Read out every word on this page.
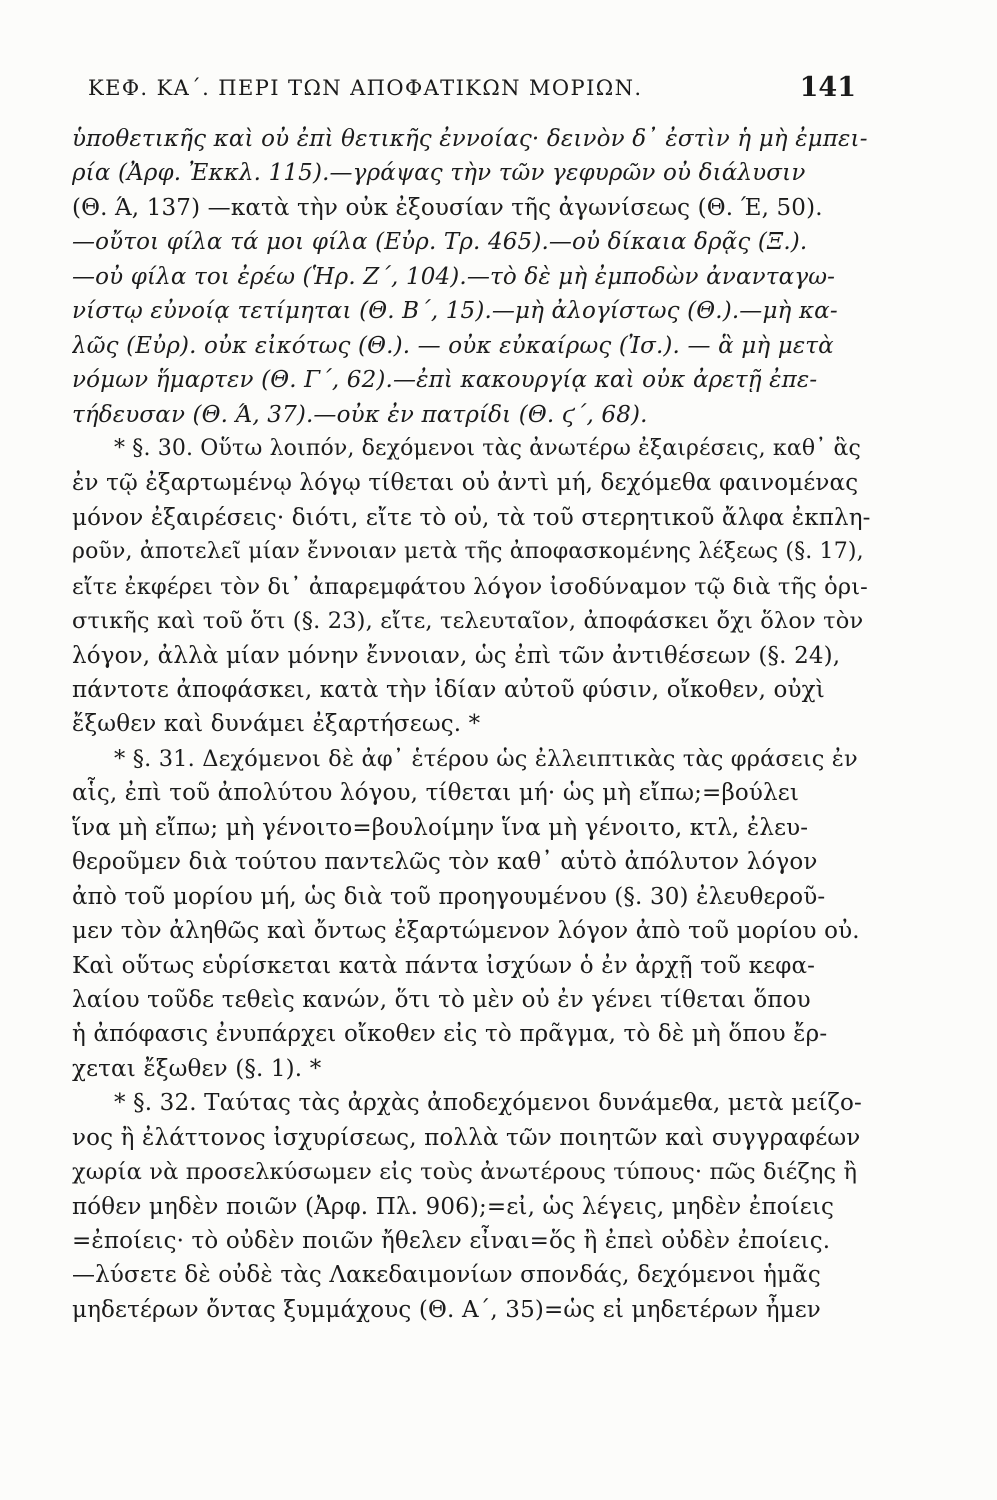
ΚΕΦ. ΚΑ΄. ΠΕΡΙ ΤΩΝ ΑΠΟΦΑΤΙΚΩΝ ΜΟΡΙΩΝ.	141
ὑποθετικῆς καὶ οὐ ἐπὶ θετικῆς ἐννοίας· δεινὸν δ᾽ ἐστὶν ἡ μὴ ἐμπει-
ρία (Ἀρφ. Ἐκκλ. 115).—γράψας τὴν τῶν γεφυρῶν οὐ διάλυσιν
(Θ. Ά, 137) —κατὰ τὴν οὐκ ἐξουσίαν τῆς ἀγωνίσεως (Θ. Έ, 50).
—οὔτοι φίλα τά μοι φίλα (Εὐρ. Τρ. 465).—οὐ δίκαια δρᾷς (Ξ.).
—οὐ φίλα τοι ἐρέω (Ἡρ. Ζ΄, 104).—τὸ δὲ μὴ ἐμποδὼν ἀνανταγω-
νίστῳ εὐνοίᾳ τετίμηται (Θ. Β΄, 15).—μὴ ἀλογίστως (Θ.).—μὴ κα-
λῶς (Εὐρ). οὐκ εἰκότως (Θ.). — οὐκ εὐκαίρως (Ἰσ.). — ἃ μὴ μετὰ
νόμων ἥμαρτεν (Θ. Γ΄, 62).—ἐπὶ κακουργίᾳ καὶ οὐκ ἀρετῇ ἐπε-
τήδευσαν (Θ. Ά, 37).—οὐκ ἐν πατρίδι (Θ. ϛ΄, 68).
* §. 30. Οὕτω λοιπόν, δεχόμενοι τὰς ἀνωτέρω ἐξαιρέσεις, καθ᾽ ἃς
ἐν τῷ ἐξαρτωμένῳ λόγῳ τίθεται οὐ ἀντὶ μή, δεχόμεθα φαινομένας
μόνον ἐξαιρέσεις· διότι, εἴτε τὸ οὐ, τὰ τοῦ στερητικοῦ ἄλφα ἐκπλη-
ροῦν, ἀποτελεῖ μίαν ἔννοιαν μετὰ τῆς ἀποφασκομένης λέξεως (§. 17),
εἴτε ἐκφέρει τὸν δι᾽ ἀπαρεμφάτου λόγον ἰσοδύναμον τῷ διὰ τῆς ὁρι-
στικῆς καὶ τοῦ ὅτι (§. 23), εἴτε, τελευταῖον, ἀποφάσκει ὄχι ὅλον τὸν
λόγον, ἀλλὰ μίαν μόνην ἔννοιαν, ὡς ἐπὶ τῶν ἀντιθέσεων (§. 24),
πάντοτε ἀποφάσκει, κατὰ τὴν ἰδίαν αὐτοῦ φύσιν, οἴκοθεν, οὐχὶ
ἔξωθεν καὶ δυνάμει ἐξαρτήσεως. *
* §. 31. Δεχόμενοι δὲ ἀφ᾽ ἑτέρου ὡς ἐλλειπτικὰς τὰς φράσεις ἐν
αἷς, ἐπὶ τοῦ ἀπολύτου λόγου, τίθεται μή· ὡς μὴ εἴπω;=βούλει
ἵνα μὴ εἴπω; μὴ γένοιτο=βουλοίμην ἵνα μὴ γένοιτο, κτλ, ἐλευ-
θεροῦμεν διὰ τούτου παντελῶς τὸν καθ᾽ αὑτὸ ἀπόλυτον λόγον
ἀπὸ τοῦ μορίου μή, ὡς διὰ τοῦ προηγουμένου (§. 30) ἐλευθεροῦ-
μεν τὸν ἀληθῶς καὶ ὄντως ἐξαρτώμενον λόγον ἀπὸ τοῦ μορίου οὐ.
Καὶ οὕτως εὑρίσκεται κατὰ πάντα ἰσχύων ὁ ἐν ἀρχῇ τοῦ κεφα-
λαίου τοῦδε τεθεὶς κανών, ὅτι τὸ μὲν οὐ ἐν γένει τίθεται ὅπου
ἡ ἀπόφασις ἐνυπάρχει οἴκοθεν εἰς τὸ πρᾶγμα, τὸ δὲ μὴ ὅπου ἔρ-
χεται ἔξωθεν (§. 1). *
* §. 32. Ταύτας τὰς ἀρχὰς ἀποδεχόμενοι δυνάμεθα, μετὰ μείζο-
νος ἢ ἐλάττονος ἰσχυρίσεως, πολλὰ τῶν ποιητῶν καὶ συγγραφέων
χωρία νὰ προσελκύσωμεν εἰς τοὺς ἀνωτέρους τύπους· πῶς διέζης ἢ
πόθεν μηδὲν ποιῶν (Ἀρφ. Πλ. 906);=εἰ, ὡς λέγεις, μηδὲν ἐποίεις
=ἐποίεις· τὸ οὐδὲν ποιῶν ἤθελεν εἶναι=ὅς ἢ ἐπεὶ οὐδὲν ἐποίεις.
—λύσετε δὲ οὐδὲ τὰς Λακεδαιμονίων σπονδάς, δεχόμενοι ἡμᾶς
μηδετέρων ὄντας ξυμμάχους (Θ. Α΄, 35)=ὡς εἰ μηδετέρων ἦμεν
